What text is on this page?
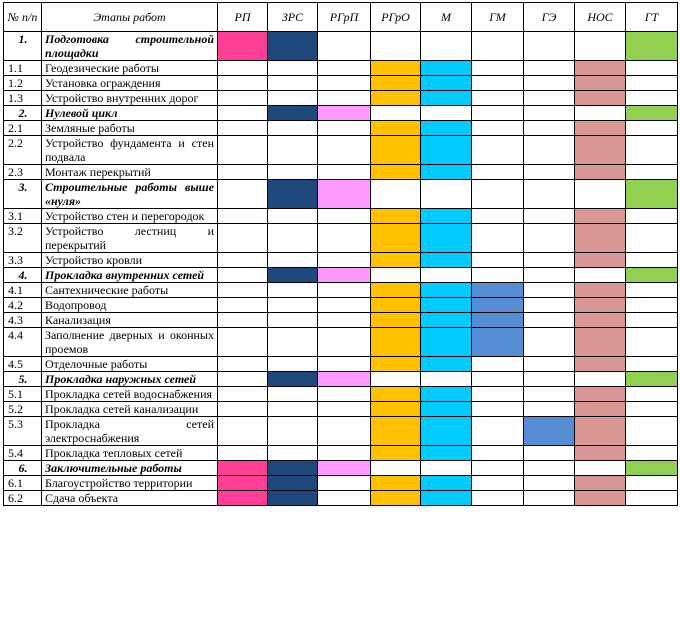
№ п/п	Этапы работ	РП	ЗРС	РГрП	РГрО	М	ГМ	ГЭ	НОС	ГТ
1.	Подготовка строительной площадки									
1.1	Геодезические работы									
1.2	Установка ограждения									
1.3	Устройство внутренних дорог									
2.	Нулевой цикл									
2.1	Земляные работы									
2.2	Устройство фундамента и стен подвала									
2.3	Монтаж перекрытий									
3.	Строительные работы выше «нуля»									
3.1	Устройство стен и перегородок									
3.2	Устройство лестниц и перекрытий									
3.3	Устройство кровли									
4.	Прокладка внутренних сетей									
4.1	Сантехнические работы									
4.2	Водопровод									
4.3	Канализация									
4.4	Заполнение дверных и оконных проемов									
4.5	Отделочные работы									
5.	Прокладка наружных сетей									
5.1	Прокладка сетей водоснабжения									
5.2	Прокладка сетей канализации									
5.3	Прокладка сетей электроснабжения									
5.4	Прокладка тепловых сетей									
6.	Заключительные работы									
6.1	Благоустройство территории									
6.2	Сдача объекта									
